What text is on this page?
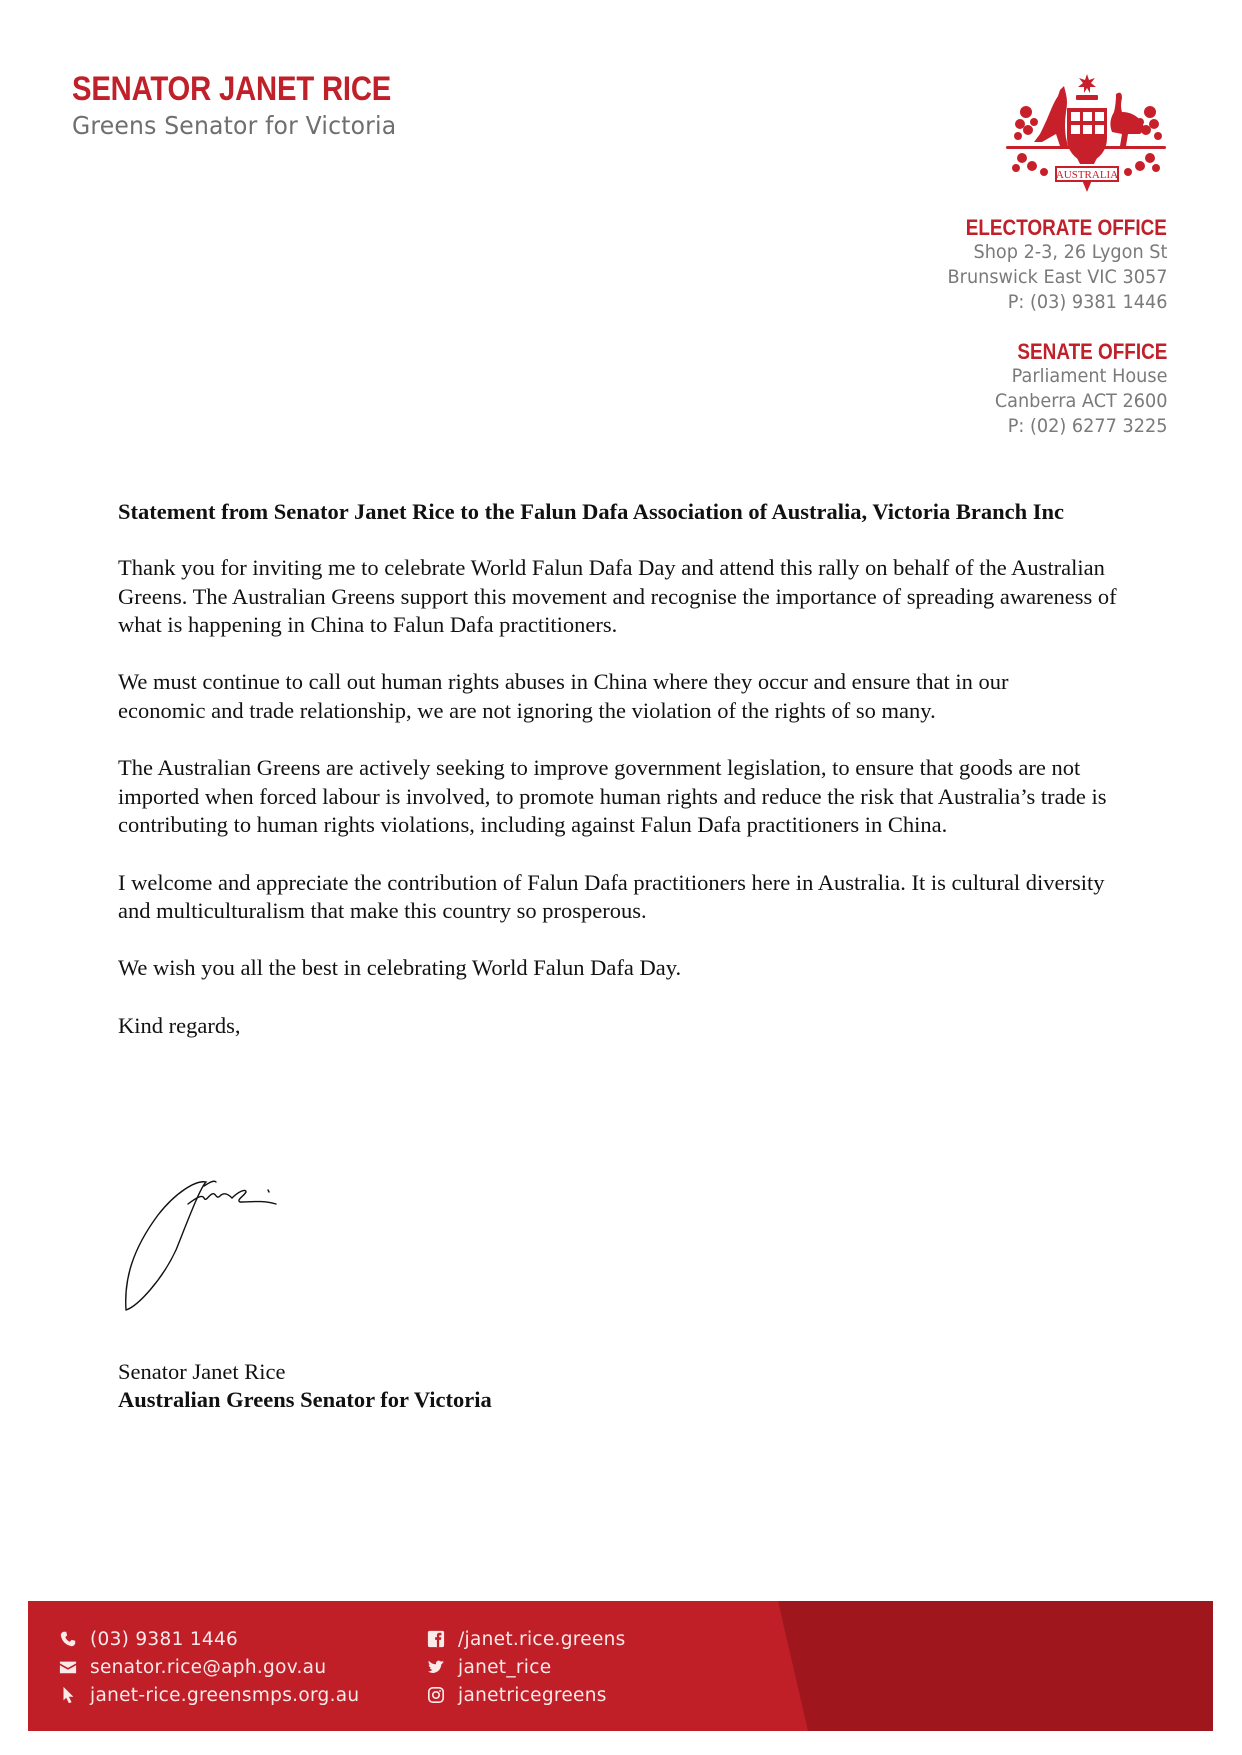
SENATOR JANET RICE
Greens Senator for Victoria
AUSTRALIA
ELECTORATE OFFICE
Shop 2-3, 26 Lygon St
Brunswick East VIC 3057
P: (03) 9381 1446
SENATE OFFICE
Parliament House
Canberra ACT 2600
P: (02) 6277 3225
Statement from Senator Janet Rice to the Falun Dafa Association of Australia, Victoria Branch Inc

Thank you for inviting me to celebrate World Falun Dafa Day and attend this rally on behalf of the Australian Greens. The Australian Greens support this movement and recognise the importance of spreading awareness of what is happening in China to Falun Dafa practitioners.

We must continue to call out human rights abuses in China where they occur and ensure that in our economic and trade relationship, we are not ignoring the violation of the rights of so many.

The Australian Greens are actively seeking to improve government legislation, to ensure that goods are not imported when forced labour is involved, to promote human rights and reduce the risk that Australia’s trade is contributing to human rights violations, including against Falun Dafa practitioners in China.

I welcome and appreciate the contribution of Falun Dafa practitioners here in Australia. It is cultural diversity and multiculturalism that make this country so prosperous.

We wish you all the best in celebrating World Falun Dafa Day.

Kind regards,

Senator Janet Rice
Australian Greens Senator for Victoria
(03) 9381 1446
senator.rice@aph.gov.au
janet-rice.greensmps.org.au
/janet.rice.greens
janet_rice
janetricegreens
